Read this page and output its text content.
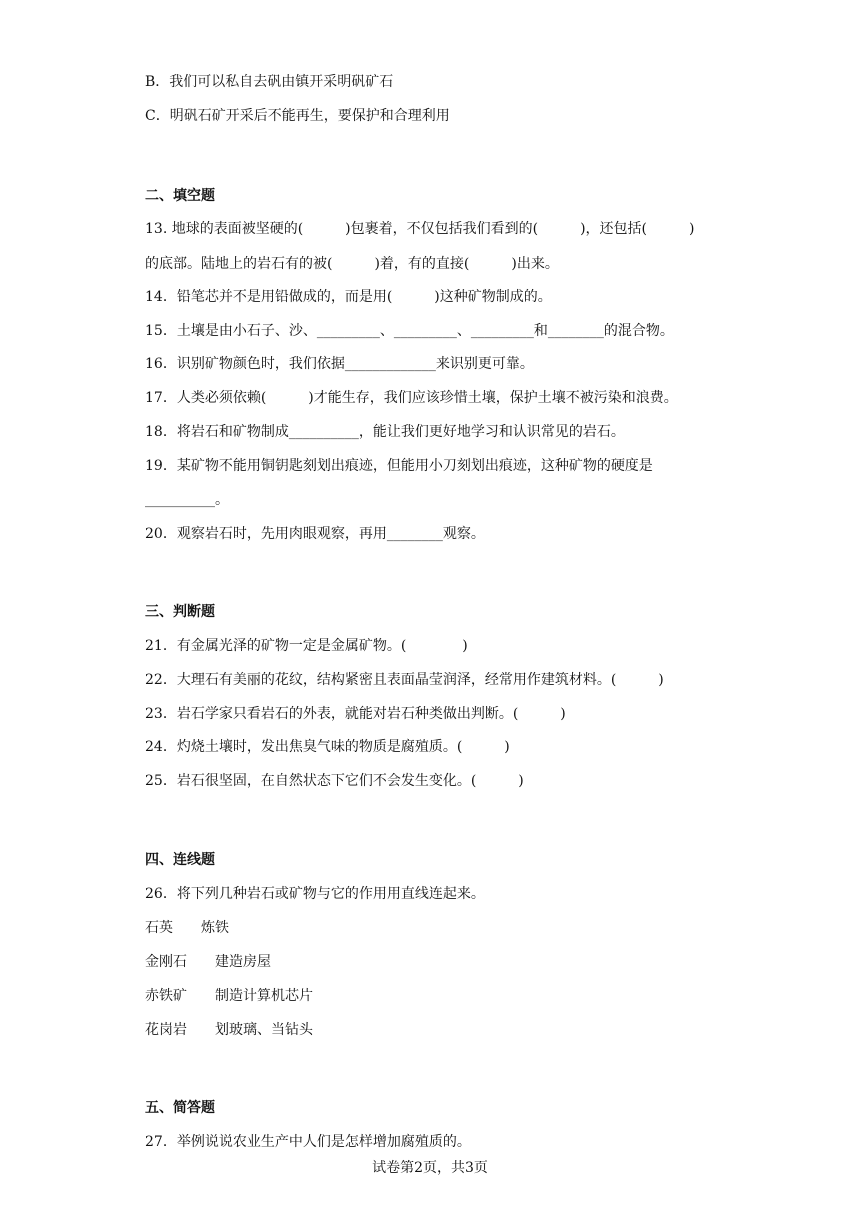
B．我们可以私自去矾由镇开采明矾矿石
C．明矾石矿开采后不能再生，要保护和合理利用
二、填空题
13. 地球的表面被坚硬的(　　　)包裹着，不仅包括我们看到的(　　　)，还包括(　　　)
的底部。陆地上的岩石有的被(　　　)着，有的直接(　　　)出来。
14．铅笔芯并不是用铅做成的，而是用(　　　)这种矿物制成的。
15．土壤是由小石子、沙、_________、_________、_________和________的混合物。
16．识别矿物颜色时，我们依据_____________来识别更可靠。
17．人类必须依赖(　　　)才能生存，我们应该珍惜土壤，保护土壤不被污染和浪费。
18．将岩石和矿物制成__________，能让我们更好地学习和认识常见的岩石。
19．某矿物不能用铜钥匙刻划出痕迹，但能用小刀刻划出痕迹，这种矿物的硬度是
__________。
20．观察岩石时，先用肉眼观察，再用________观察。
三、判断题
21．有金属光泽的矿物一定是金属矿物。(　　　　)
22．大理石有美丽的花纹，结构紧密且表面晶莹润泽，经常用作建筑材料。(　　　)
23．岩石学家只看岩石的外表，就能对岩石种类做出判断。(　　　)
24．灼烧土壤时，发出焦臭气味的物质是腐殖质。(　　　)
25．岩石很坚固，在自然状态下它们不会发生变化。(　　　)
四、连线题
26．将下列几种岩石或矿物与它的作用用直线连起来。
石英　　炼铁
金刚石　　建造房屋
赤铁矿　　制造计算机芯片
花岗岩　　划玻璃、当钻头
五、简答题
27．举例说说农业生产中人们是怎样增加腐殖质的。
试卷第2页，共3页
